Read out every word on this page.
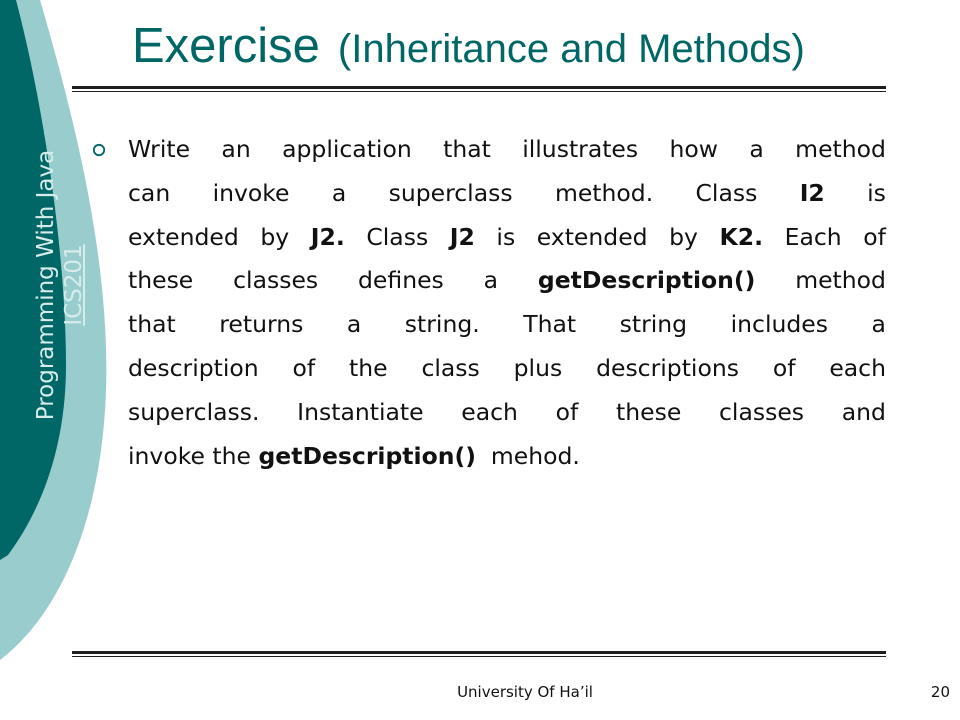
Programming With Java ICS201
Exercise (Inheritance and Methods)
Write an application that illustrates how a method
can invoke a superclass method. Class I2 is
extended by J2. Class J2 is extended by K2. Each of
these classes defines a getDescription() method
that returns a string. That string includes a
description of the class plus descriptions of each
superclass. Instantiate each of these classes and
invoke the getDescription() mehod.
University Of Ha’il	20
